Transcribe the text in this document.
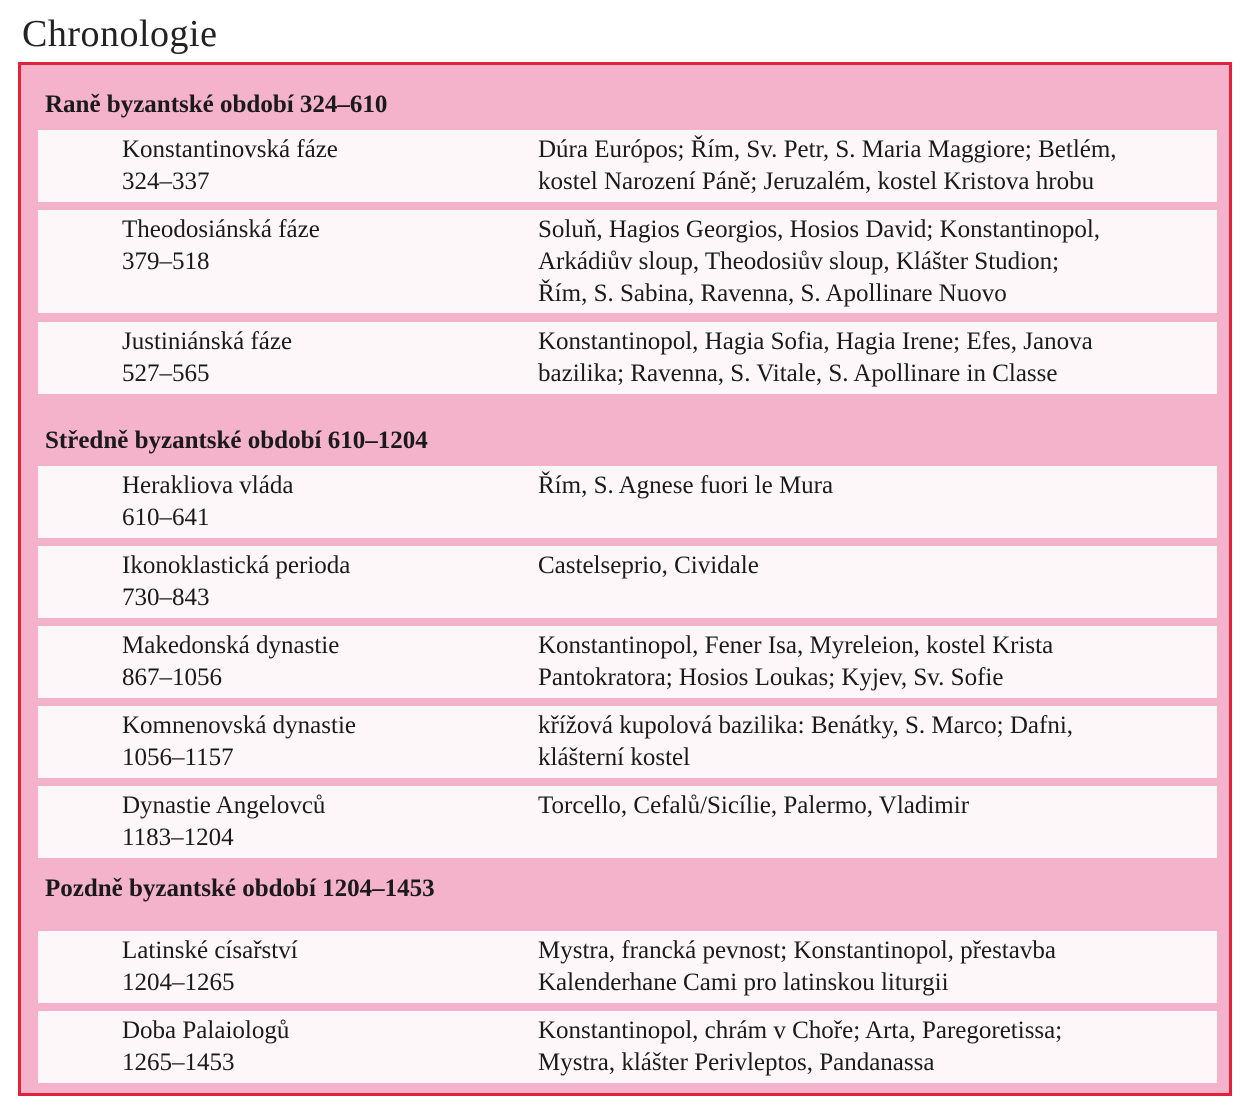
Chronologie
Raně byzantské období 324–610
Konstantinovská fáze
324–337
Dúra Európos; Řím, Sv. Petr, S. Maria Maggiore; Betlém,
kostel Narození Páně; Jeruzalém, kostel Kristova hrobu
Theodosiánská fáze
379–518
Soluň, Hagios Georgios, Hosios David; Konstantinopol,
Arkádiův sloup, Theodosiův sloup, Klášter Studion;
Řím, S. Sabina, Ravenna, S. Apollinare Nuovo
Justiniánská fáze
527–565
Konstantinopol, Hagia Sofia, Hagia Irene; Efes, Janova
bazilika; Ravenna, S. Vitale, S. Apollinare in Classe
Středně byzantské období 610–1204
Herakliova vláda
610–641
Řím, S. Agnese fuori le Mura
Ikonoklastická perioda
730–843
Castelseprio, Cividale
Makedonská dynastie
867–1056
Konstantinopol, Fener Isa, Myreleion, kostel Krista
Pantokratora; Hosios Loukas; Kyjev, Sv. Sofie
Komnenovská dynastie
1056–1157
křížová kupolová bazilika: Benátky, S. Marco; Dafni,
klášterní kostel
Dynastie Angelovců
1183–1204
Torcello, Cefalů/Sicílie, Palermo, Vladimir
Pozdně byzantské období 1204–1453
Latinské císařství
1204–1265
Mystra, francká pevnost; Konstantinopol, přestavba
Kalenderhane Cami pro latinskou liturgii
Doba Palaiologů
1265–1453
Konstantinopol, chrám v Choře; Arta, Paregoretissa;
Mystra, klášter Perivleptos, Pandanassa
